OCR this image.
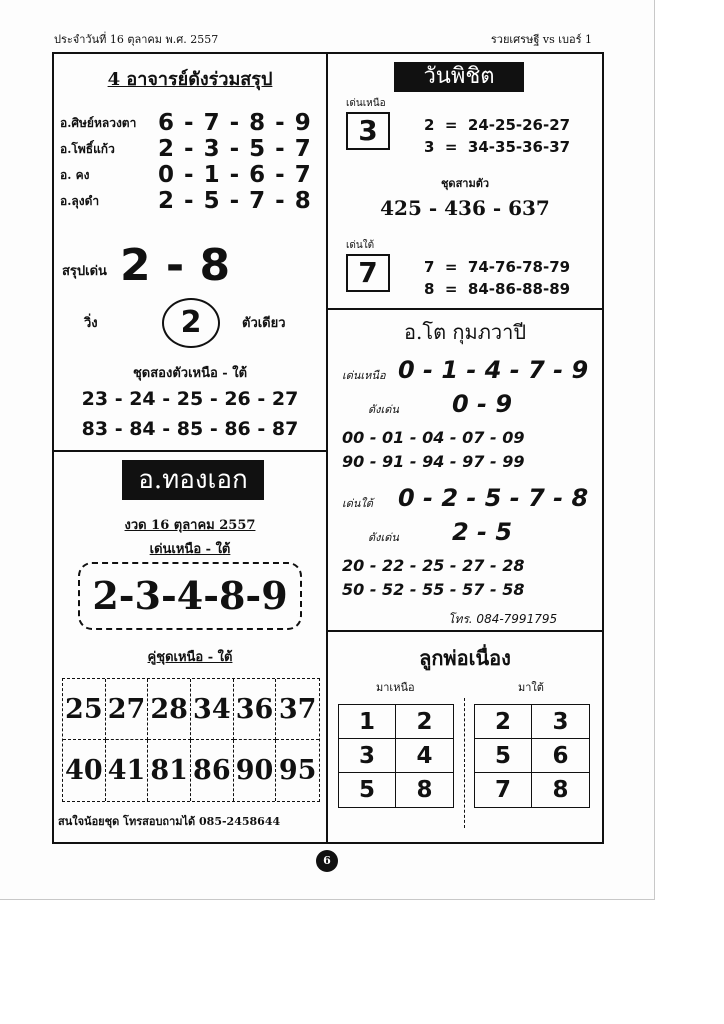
ประจำวันที่ 16 ตุลาคม พ.ศ. 2557	รวยเศรษฐี vs เบอร์ 1
4 อาจารย์ดังร่วมสรุป
อ.ศิษย์หลวงตา 6 - 7 - 8 - 9
อ.โพธิ์แก้ว	2 - 3 - 5 - 7
อ. คง	0 - 1 - 6 - 7
อ.ลุงดำ	2 - 5 - 7 - 8
สรุปเด่น 2 - 8
วิ่ง	2	ตัวเดียว
ชุดสองตัวเหนือ - ใต้
23 - 24 - 25 - 26 - 27
83 - 84 - 85 - 86 - 87
อ.ทองเอก
งวด 16 ตุลาคม 2557
เด่นเหนือ - ใต้
2-3-4-8-9
คู่ชุดเหนือ - ใต้
25 27 28 34 36 37
40 41 81 86 90 95
สนใจน้อยชุด โทรสอบถามได้ 085-2458644
วันพิชิต
เด่นเหนือ
3	2 = 24-25-26-27
3 = 34-35-36-37
ชุดสามตัว
425 - 436 - 637
เด่นใต้
7	7 = 74-76-78-79
8 = 84-86-88-89
อ.โต กุมภวาปี
เด่นเหนือ 0 - 1 - 4 - 7 - 9
ดังเด่น 0 - 9
00 - 01 - 04 - 07 - 09
90 - 91 - 94 - 97 - 99
เด่นใต้ 0 - 2 - 5 - 7 - 8
ดังเด่น 2 - 5
20 - 22 - 25 - 27 - 28
50 - 52 - 55 - 57 - 58
โทร. 084-7991795
ลูกพ่อเนื่อง
มาเหนือ	มาใต้
1	2
3	4
5	8
2	3
5	6
7	8
6
